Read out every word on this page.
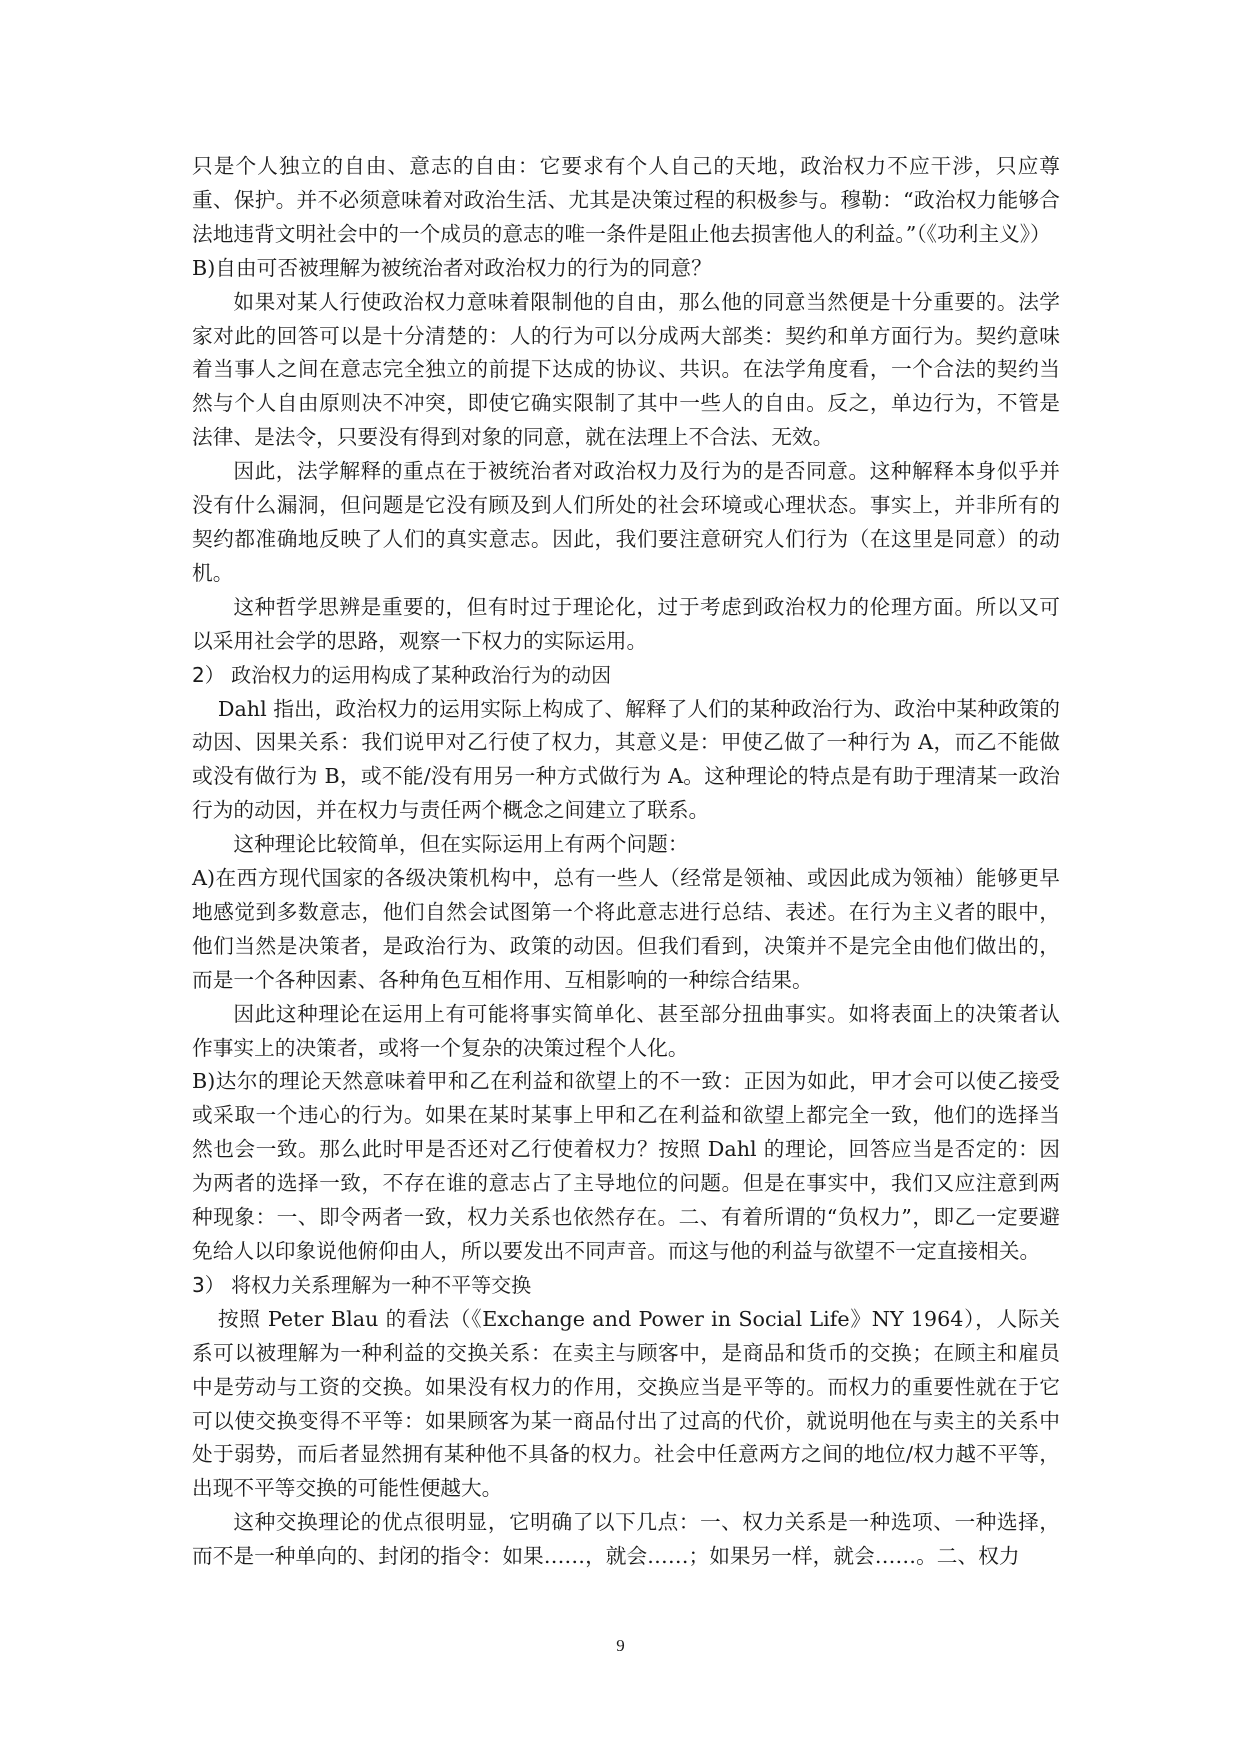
只是个人独立的自由、意志的自由：它要求有个人自己的天地，政治权力不应干涉，只应尊重、保护。并不必须意味着对政治生活、尤其是决策过程的积极参与。穆勒：“政治权力能够合法地违背文明社会中的一个成员的意志的唯一条件是阻止他去损害他人的利益。”（《功利主义》）

B)自由可否被理解为被统治者对政治权力的行为的同意？

如果对某人行使政治权力意味着限制他的自由，那么他的同意当然便是十分重要的。法学家对此的回答可以是十分清楚的：人的行为可以分成两大部类：契约和单方面行为。契约意味着当事人之间在意志完全独立的前提下达成的协议、共识。在法学角度看，一个合法的契约当然与个人自由原则决不冲突，即使它确实限制了其中一些人的自由。反之，单边行为，不管是法律、是法令，只要没有得到对象的同意，就在法理上不合法、无效。

因此，法学解释的重点在于被统治者对政治权力及行为的是否同意。这种解释本身似乎并没有什么漏洞，但问题是它没有顾及到人们所处的社会环境或心理状态。事实上，并非所有的契约都准确地反映了人们的真实意志。因此，我们要注意研究人们行为（在这里是同意）的动机。

这种哲学思辨是重要的，但有时过于理论化，过于考虑到政治权力的伦理方面。所以又可以采用社会学的思路，观察一下权力的实际运用。

2） 政治权力的运用构成了某种政治行为的动因

Dahl 指出，政治权力的运用实际上构成了、解释了人们的某种政治行为、政治中某种政策的动因、因果关系：我们说甲对乙行使了权力，其意义是：甲使乙做了一种行为 A，而乙不能做或没有做行为 B，或不能/没有用另一种方式做行为 A。这种理论的特点是有助于理清某一政治行为的动因，并在权力与责任两个概念之间建立了联系。

这种理论比较简单，但在实际运用上有两个问题：

A)在西方现代国家的各级决策机构中，总有一些人（经常是领袖、或因此成为领袖）能够更早地感觉到多数意志，他们自然会试图第一个将此意志进行总结、表述。在行为主义者的眼中，他们当然是决策者，是政治行为、政策的动因。但我们看到，决策并不是完全由他们做出的，而是一个各种因素、各种角色互相作用、互相影响的一种综合结果。

因此这种理论在运用上有可能将事实简单化、甚至部分扭曲事实。如将表面上的决策者认作事实上的决策者，或将一个复杂的决策过程个人化。

B)达尔的理论天然意味着甲和乙在利益和欲望上的不一致：正因为如此，甲才会可以使乙接受或采取一个违心的行为。如果在某时某事上甲和乙在利益和欲望上都完全一致，他们的选择当然也会一致。那么此时甲是否还对乙行使着权力？按照 Dahl 的理论，回答应当是否定的：因为两者的选择一致，不存在谁的意志占了主导地位的问题。但是在事实中，我们又应注意到两种现象：一、即令两者一致，权力关系也依然存在。二、有着所谓的“负权力”，即乙一定要避免给人以印象说他俯仰由人，所以要发出不同声音。而这与他的利益与欲望不一定直接相关。

3） 将权力关系理解为一种不平等交换

按照 Peter Blau 的看法（《Exchange and Power in Social Life》NY 1964），人际关系可以被理解为一种利益的交换关系：在卖主与顾客中，是商品和货币的交换；在顾主和雇员中是劳动与工资的交换。如果没有权力的作用，交换应当是平等的。而权力的重要性就在于它可以使交换变得不平等：如果顾客为某一商品付出了过高的代价，就说明他在与卖主的关系中处于弱势，而后者显然拥有某种他不具备的权力。社会中任意两方之间的地位/权力越不平等，出现不平等交换的可能性便越大。

这种交换理论的优点很明显，它明确了以下几点：一、权力关系是一种选项、一种选择，而不是一种单向的、封闭的指令：如果……，就会……；如果另一样，就会……。二、权力

9
